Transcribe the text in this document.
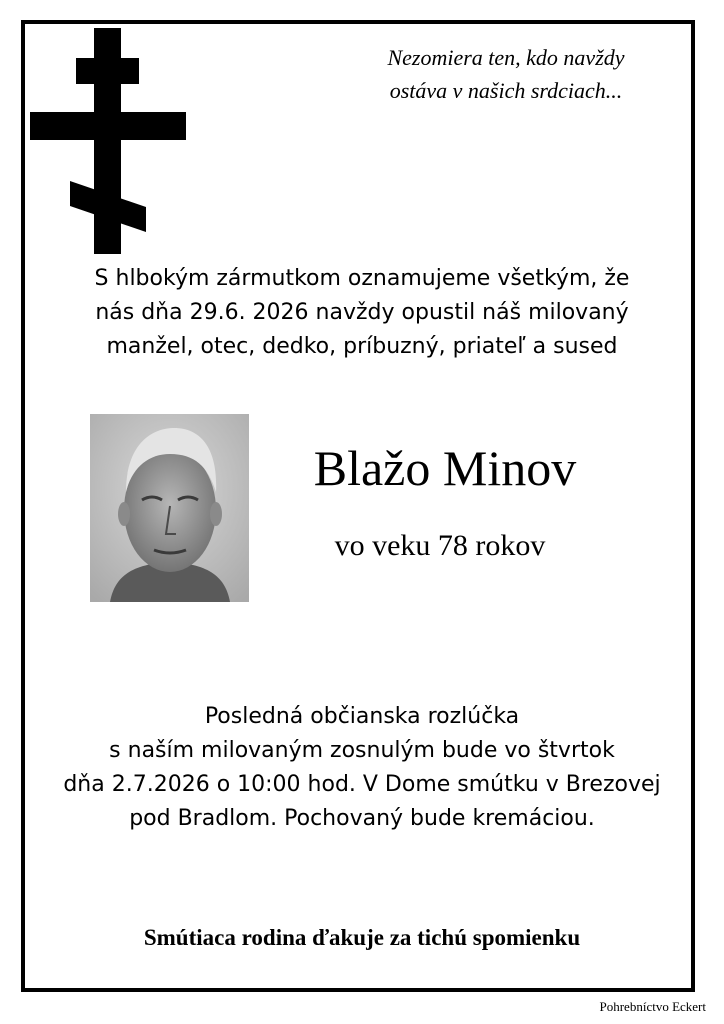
Nezomiera ten, kdo navždy
ostáva v našich srdciach...
S hlbokým zármutkom oznamujeme všetkým, že
nás dňa 29.6. 2026 navždy opustil náš milovaný
manžel, otec, dedko, príbuzný, priateľ a sused
Blažo Minov
vo veku 78 rokov
Posledná občianska rozlúčka
s naším milovaným zosnulým bude vo štvrtok
dňa 2.7.2026 o 10:00 hod. V Dome smútku v Brezovej
pod Bradlom. Pochovaný bude kremáciou.
Smútiaca rodina ďakuje za tichú spomienku
Pohrebníctvo Eckert
